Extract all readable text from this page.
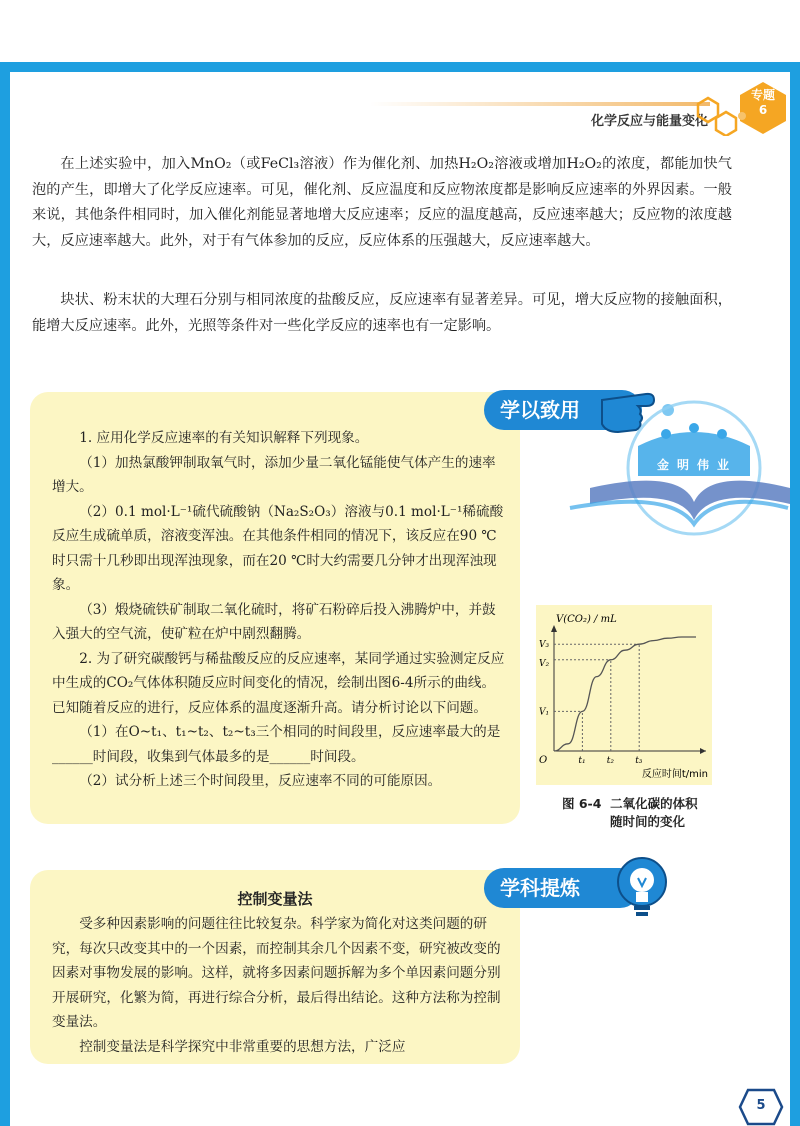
化学反应与能量变化
专题
6

在上述实验中，加入MnO₂（或FeCl₃溶液）作为催化剂、加热H₂O₂溶液或增加H₂O₂的浓度，都能加快气泡的产生，即增大了化学反应速率。可见，催化剂、反应温度和反应物浓度都是影响反应速率的外界因素。一般来说，其他条件相同时，加入催化剂能显著地增大反应速率；反应的温度越高，反应速率越大；反应物的浓度越大，反应速率越大。此外，对于有气体参加的反应，反应体系的压强越大，反应速率越大。

块状、粉末状的大理石分别与相同浓度的盐酸反应，反应速率有显著差异。可见，增大反应物的接触面积，能增大反应速率。此外，光照等条件对一些化学反应的速率也有一定影响。

学以致用

1. 应用化学反应速率的有关知识解释下列现象。

（1）加热氯酸钾制取氧气时，添加少量二氧化锰能使气体产生的速率增大。

（2）0.1 mol·L⁻¹硫代硫酸钠（Na₂S₂O₃）溶液与0.1 mol·L⁻¹稀硫酸反应生成硫单质，溶液变浑浊。在其他条件相同的情况下，该反应在90 ℃时只需十几秒即出现浑浊现象，而在20 ℃时大约需要几分钟才出现浑浊现象。

（3）煅烧硫铁矿制取二氧化硫时，将矿石粉碎后投入沸腾炉中，并鼓入强大的空气流，使矿粒在炉中剧烈翻腾。

2. 为了研究碳酸钙与稀盐酸反应的反应速率，某同学通过实验测定反应中生成的CO₂气体体积随反应时间变化的情况，绘制出图6-4所示的曲线。已知随着反应的进行，反应体系的温度逐渐升高。请分析讨论以下问题。

（1）在O~t₁、t₁~t₂、t₂~t₃三个相同的时间段里，反应速率最大的是______时间段，收集到气体最多的是______时间段。

（2）试分析上述三个时间段里，反应速率不同的可能原因。

V(CO₂) / mL
O	t₁ t₂ t₃
V₁
V₂
V₃
反应时间t/min
图 6-4 二氧化碳的体积
随时间的变化
金明伟业
学科提炼
控制变量法

受多种因素影响的问题往往比较复杂。科学家为简化对这类问题的研究，每次只改变其中的一个因素，而控制其余几个因素不变，研究被改变的因素对事物发展的影响。这样，就将多因素问题拆解为多个单因素问题分别开展研究，化繁为简，再进行综合分析，最后得出结论。这种方法称为控制变量法。

控制变量法是科学探究中非常重要的思想方法，广泛应

5
